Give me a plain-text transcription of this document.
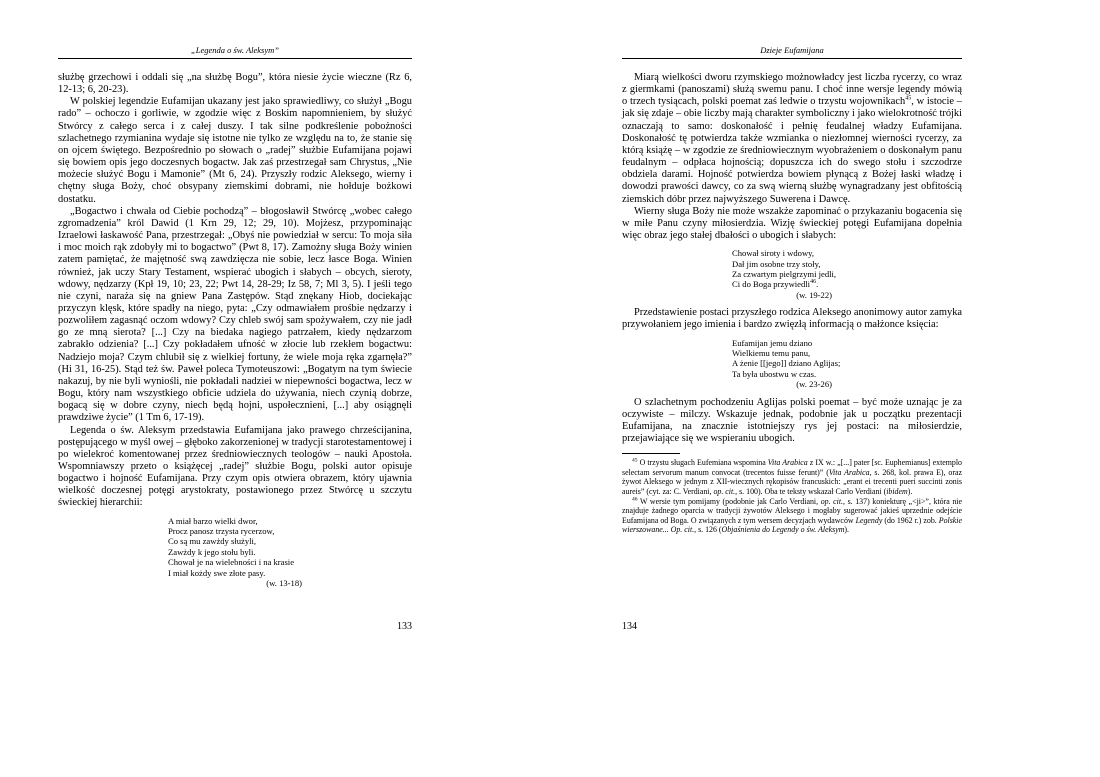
„Legenda o św. Aleksym”

służbę grzechowi i oddali się „na służbę Bogu”, która niesie życie wieczne (Rz 6, 12-13; 6, 20-23).

W polskiej legendzie Eufamijan ukazany jest jako sprawiedliwy, co służył „Bogu rado” – ochoczo i gorliwie, w zgodzie więc z Boskim napomnieniem, by służyć Stwórcy z całego serca i z całej duszy. I tak silne podkreślenie pobożności szlachetnego rzymianina wydaje się istotne nie tylko ze względu na to, że stanie się on ojcem świętego. Bezpośrednio po słowach o „radej” służbie Eufamijana pojawi się bowiem opis jego doczesnych bogactw. Jak zaś przestrzegał sam Chrystus, „Nie możecie służyć Bogu i Mamonie” (Mt 6, 24). Przyszły rodzic Aleksego, wierny i chętny sługa Boży, choć obsypany ziemskimi dobrami, nie hołduje bożkowi dostatku.

„Bogactwo i chwała od Ciebie pochodzą” – błogosławił Stwórcę „wobec całego zgromadzenia” król Dawid (1 Krn 29, 12; 29, 10). Mojżesz, przypominając Izraelowi łaskawość Pana, przestrzegał: „Obyś nie powiedział w sercu: To moja siła i moc moich rąk zdobyły mi to bogactwo” (Pwt 8, 17). Zamożny sługa Boży winien zatem pamiętać, że majętność swą zawdzięcza nie sobie, lecz łasce Boga. Winien również, jak uczy Stary Testament, wspierać ubogich i słabych – obcych, sieroty, wdowy, nędzarzy (Kpł 19, 10; 23, 22; Pwt 14, 28-29; Iz 58, 7; Ml 3, 5). I jeśli tego nie czyni, naraża się na gniew Pana Zastępów. Stąd znękany Hiob, dociekając przyczyn klęsk, które spadły na niego, pyta: „Czy odmawiałem prośbie nędzarzy i pozwoliłem zagasnąć oczom wdowy? Czy chleb swój sam spożywałem, czy nie jadł go ze mną sierota? [...] Czy na biedaka nagiego patrzałem, kiedy nędzarzom zabrakło odzienia? [...] Czy pokładałem ufność w złocie lub rzekłem bogactwu: Nadziejo moja? Czym chlubił się z wielkiej fortuny, że wiele moja ręka zgarnęła?” (Hi 31, 16-25). Stąd też św. Paweł poleca Tymoteuszowi: „Bogatym na tym świecie nakazuj, by nie byli wyniośli, nie pokładali nadziei w niepewności bogactwa, lecz w Bogu, który nam wszystkiego obficie udziela do używania, niech czynią dobrze, bogacą się w dobre czyny, niech będą hojni, uspołecznieni, [...] aby osiągnęli prawdziwe życie” (1 Tm 6, 17-19).

Legenda o św. Aleksym przedstawia Eufamijana jako prawego chrześcijanina, postępującego w myśl owej – głęboko zakorzenionej w tradycji starotestamentowej i po wielekroć komentowanej przez średniowiecznych teologów – nauki Apostoła. Wspomniawszy przeto o książęcej „radej” służbie Bogu, polski autor opisuje bogactwo i hojność Eufamijana. Przy czym opis otwiera obrazem, który ujawnia wielkość doczesnej potęgi arystokraty, postawionego przez Stwórcę u szczytu świeckiej hierarchii:

A miał barzo wielki dwor,
Procz panosz trzysta rycerzow,
Co są mu zawżdy służyli,
Zawżdy k jego stołu byli.
Chował je na wielebności i na krasie
I miał kożdy swe złote pasy.
(w. 13-18)
133
Dzieje Eufamijana

Miarą wielkości dworu rzymskiego możnowładcy jest liczba rycerzy, co wraz z giermkami (panoszami) służą swemu panu. I choć inne wersje legendy mówią o trzech tysiącach, polski poemat zaś ledwie o trzystu wojownikach$^{45}$, w istocie – jak się zdaje – obie liczby mają charakter symboliczny i jako wielokrotność trójki oznaczają to samo: doskonałość i pełnię feudalnej władzy Eufamijana. Doskonałość tę potwierdza także wzmianka o niezłomnej wierności rycerzy, za którą książę – w zgodzie ze średniowiecznym wyobrażeniem o doskonałym panu feudalnym – odpłaca hojnością; dopuszcza ich do swego stołu i szczodrze obdziela darami. Hojność potwierdza bowiem płynącą z Bożej łaski władzę i dowodzi prawości dawcy, co za swą wierną służbę wynagradzany jest obfitością ziemskich dóbr przez najwyższego Suwerena i Dawcę.

Wierny sługa Boży nie może wszakże zapominać o przykazaniu bogacenia się w miłe Panu czyny miłosierdzia. Wizję świeckiej potęgi Eufamijana dopełnia więc obraz jego stałej dbałości o ubogich i słabych:

Chował siroty i wdowy,
Dał jim osobne trzy stoły,
Za czwartym pielgrzymi jedli,
Ci do Boga przywiedli$^{46}$.
(w. 19-22)

Przedstawienie postaci przyszłego rodzica Aleksego anonimowy autor zamyka przywołaniem jego imienia i bardzo zwięzłą informacją o małżonce księcia:

Eufamijan jemu dziano
Wielkiemu temu panu,
A żenie [[jego]] dziano Aglijas;
Ta była ubostwu w czas.
(w. 23-26)

O szlachetnym pochodzeniu Aglijas polski poemat – być może uznając je za oczywiste – milczy. Wskazuje jednak, podobnie jak u początku prezentacji Eufamijana, na znacznie istotniejszy rys jej postaci: na miłosierdzie, przejawiające się we wspieraniu ubogich.

$^{45}$ O trzystu sługach Eufemiana wspomina Vita Arabica z IX w.: „[...] pater [sc. Euphemianus] extemplo selectam servorum manum convocat (trecentos fuisse ferunt)” (Vita Arabica, s. 268, kol. prawa E), oraz żywot Aleksego w jednym z XII-wiecznych rękopisów francuskich: „erant ei trecenti pueri succinti zonis aureis” (cyt. za: C. Verdiani, op. cit., s. 100). Oba te teksty wskazał Carlo Verdiani (ibidem).

$^{46}$ W wersie tym pomijamy (podobnie jak Carlo Verdiani, op. cit., s. 137) koniekturę „<ji>”, która nie znajduje żadnego oparcia w tradycji żywotów Aleksego i mogłaby sugerować jakieś uprzednie odejście Eufamijana od Boga. O związanych z tym wersem decyzjach wydawców Legendy (do 1962 r.) zob. Polskie wierszowane... Op. cit., s. 126 (Objaśnienia do Legendy o św. Aleksym).

134
